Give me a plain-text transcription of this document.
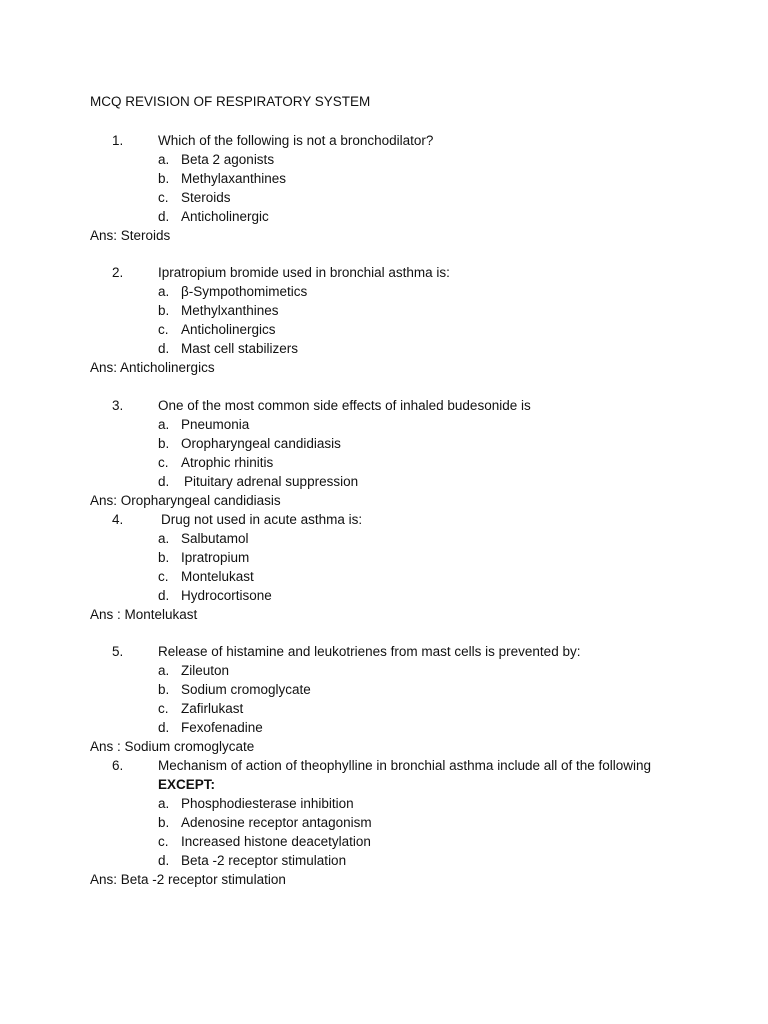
MCQ REVISION OF RESPIRATORY SYSTEM
1.	Which of the following is not a bronchodilator?
a. Beta 2 agonists
b. Methylaxanthines
c. Steroids
d. Anticholinergic
Ans: Steroids
2.	Ipratropium bromide used in bronchial asthma is:
a. β-Sympothomimetics
b. Methylxanthines
c. Anticholinergics
d. Mast cell stabilizers
Ans: Anticholinergics
3.	One of the most common side effects of inhaled budesonide is
a. Pneumonia
b. Oropharyngeal candidiasis
c. Atrophic rhinitis
d. Pituitary adrenal suppression
Ans: Oropharyngeal candidiasis
4.	Drug not used in acute asthma is:
a. Salbutamol
b. Ipratropium
c. Montelukast
d. Hydrocortisone
Ans : Montelukast
5.	Release of histamine and leukotrienes from mast cells is prevented by:
a. Zileuton
b. Sodium cromoglycate
c. Zafirlukast
d. Fexofenadine
Ans : Sodium cromoglycate
6.	Mechanism of action of theophylline in bronchial asthma include all of the following
EXCEPT:
a. Phosphodiesterase inhibition
b. Adenosine receptor antagonism
c. Increased histone deacetylation
d. Beta -2 receptor stimulation
Ans: Beta -2 receptor stimulation
